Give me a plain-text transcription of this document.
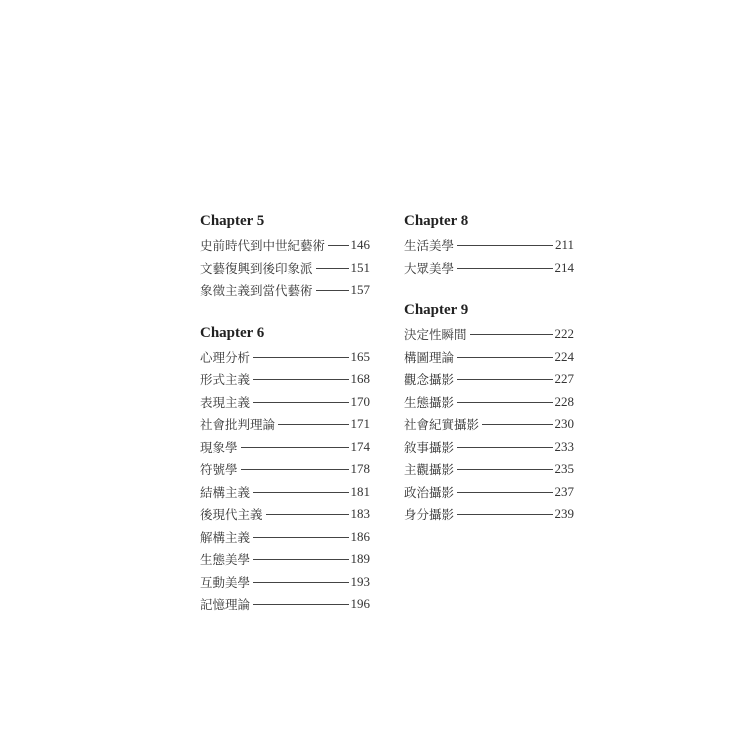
Chapter 5
史前時代到中世紀藝術 146
文藝復興到後印象派	151
象徵主義到當代藝術	157
Chapter 6
心理分析	165
形式主義	168
表現主義	170
社會批判理論	171
現象學	174
符號學	178
結構主義	181
後現代主義	183
解構主義	186
生態美學	189
互動美學	193
記憶理論	196
Chapter 8
生活美學	211
大眾美學	214
Chapter 9
決定性瞬間	222
構圖理論	224
觀念攝影	227
生態攝影	228
社會紀實攝影	230
敘事攝影	233
主觀攝影	235
政治攝影	237
身分攝影	239
